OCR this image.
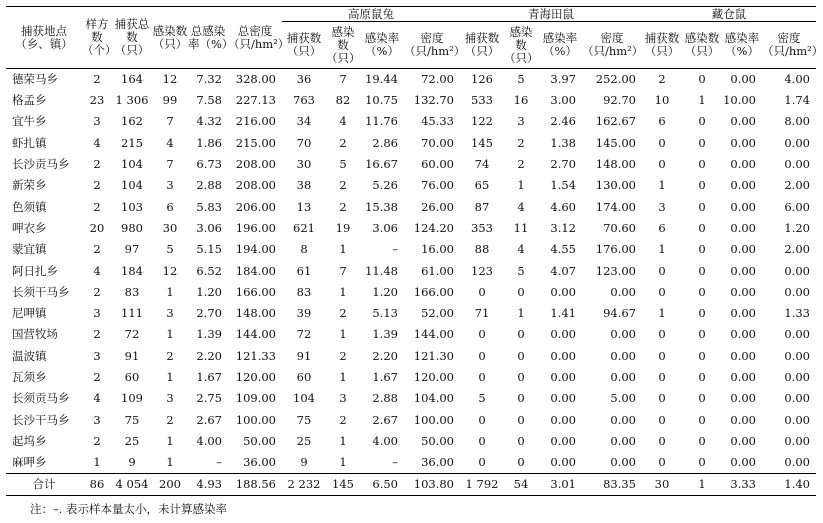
捕获地点（乡、镇）	样方数（个）	捕获总数（只）	感染数（只）	总感染率（%）	总密度（只/hm²）	高原鼠兔				青海田鼠				藏仓鼠			
						捕获数（只）	感染数（只）	感染率（%）	密度（只/hm²）	捕获数（只）	感染数（只）	感染率（%）	密度（只/hm²）	捕获数（只）	感染数（只）	感染率（%）	密度（只/hm²）
德荣马乡	2	164	12	7.32	328.00	36	7	19.44	72.00	126	5	3.97	252.00	2	0	0.00	4.00
格孟乡	23	1 306	99	7.58	227.13	763	82	10.75	132.70	533	16	3.00	92.70	10	1	10.00	1.74
宜牛乡	3	162	7	4.32	216.00	34	4	11.76	45.33	122	3	2.46	162.67	6	0	0.00	8.00
虾扎镇	4	215	4	1.86	215.00	70	2	2.86	70.00	145	2	1.38	145.00	0	0	0.00	0.00
长沙贡马乡	2	104	7	6.73	208.00	30	5	16.67	60.00	74	2	2.70	148.00	0	0	0.00	0.00
新荣乡	2	104	3	2.88	208.00	38	2	5.26	76.00	65	1	1.54	130.00	1	0	0.00	2.00
色须镇	2	103	6	5.83	206.00	13	2	15.38	26.00	87	4	4.60	174.00	3	0	0.00	6.00
呷衣乡	20	980	30	3.06	196.00	621	19	3.06	124.20	353	11	3.12	70.60	6	0	0.00	1.20
蒙宜镇	2	97	5	5.15	194.00	8	1	–	16.00	88	4	4.55	176.00	1	0	0.00	2.00
阿日扎乡	4	184	12	6.52	184.00	61	7	11.48	61.00	123	5	4.07	123.00	0	0	0.00	0.00
长须干马乡	2	83	1	1.20	166.00	83	1	1.20	166.00	0	0	0.00	0.00	0	0	0.00	0.00
尼呷镇	3	111	3	2.70	148.00	39	2	5.13	52.00	71	1	1.41	94.67	1	0	0.00	1.33
国营牧场	2	72	1	1.39	144.00	72	1	1.39	144.00	0	0	0.00	0.00	0	0	0.00	0.00
温波镇	3	91	2	2.20	121.33	91	2	2.20	121.30	0	0	0.00	0.00	0	0	0.00	0.00
瓦须乡	2	60	1	1.67	120.00	60	1	1.67	120.00	0	0	0.00	0.00	0	0	0.00	0.00
长须贡马乡	4	109	3	2.75	109.00	104	3	2.88	104.00	5	0	0.00	5.00	0	0	0.00	0.00
长沙干马乡	3	75	2	2.67	100.00	75	2	2.67	100.00	0	0	0.00	0.00	0	0	0.00	0.00
起坞乡	2	25	1	4.00	50.00	25	1	4.00	50.00	0	0	0.00	0.00	0	0	0.00	0.00
麻呷乡	1	9	1	–	36.00	9	1	–	36.00	0	0	0.00	0.00	0	0	0.00	0.00
合计	86	4 054	200	4.93	188.56	2 232	145	6.50	103.80	1 792	54	3.01	83.35	30	1	3.33	1.40
注：–. 表示样本量太小，未计算感染率
